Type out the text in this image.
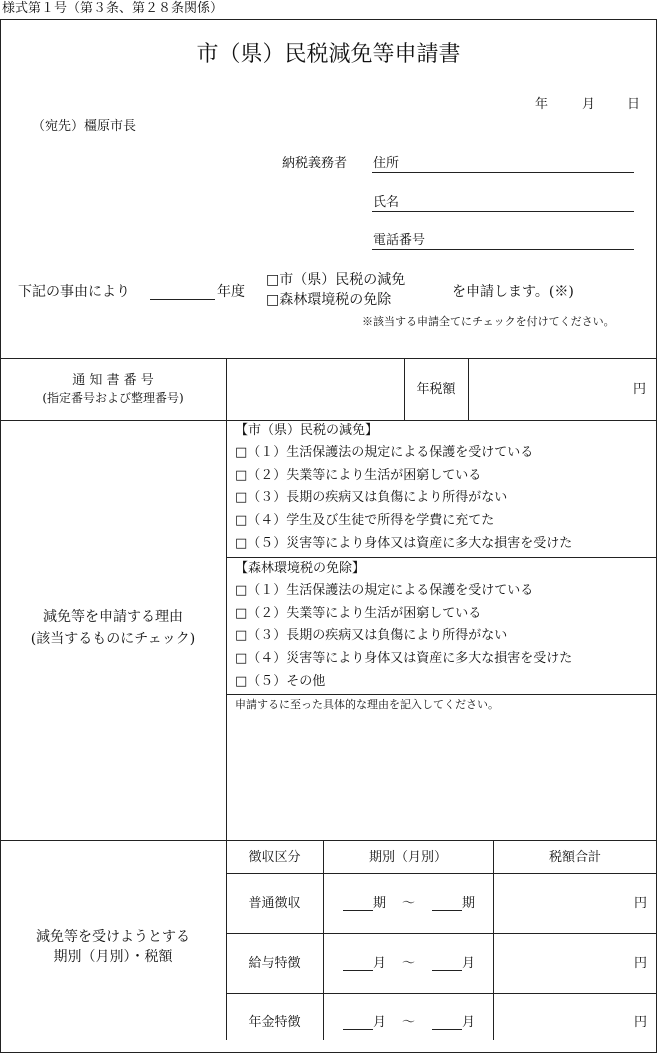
様式第１号（第３条、第２８条関係）
市（県）民税減免等申請書
年	月 日
（宛先）橿原市長
納税義務者 住所
氏名
電話番号
下記の事由により	年度
□市（県）民税の減免
□森林環境税の免除	を申請します。(※)
※該当する申請全てにチェックを付けてください。
通 知 書 番 号
(指定番号および整理番号)
年税額	円
減免等を申請する理由
(該当するものにチェック)
【市（県）民税の減免】
□（１）生活保護法の規定による保護を受けている
□（２）失業等により生活が困窮している
□（３）長期の疾病又は負傷により所得がない
□（４）学生及び生徒で所得を学費に充てた
□（５）災害等により身体又は資産に多大な損害を受けた
【森林環境税の免除】
□（１）生活保護法の規定による保護を受けている
□（２）失業等により生活が困窮している
□（３）長期の疾病又は負傷により所得がない
□（４）災害等により身体又は資産に多大な損害を受けた
□（５）その他
申請するに至った具体的な理由を記入してください。
減免等を受けようとする
期別（月別）・税額
徴収区分	期別（月別）	税額合計
普通徴収	期 ～	期	円
給与特徴	月 ～	月	円
年金特徴	月 ～	月	円
